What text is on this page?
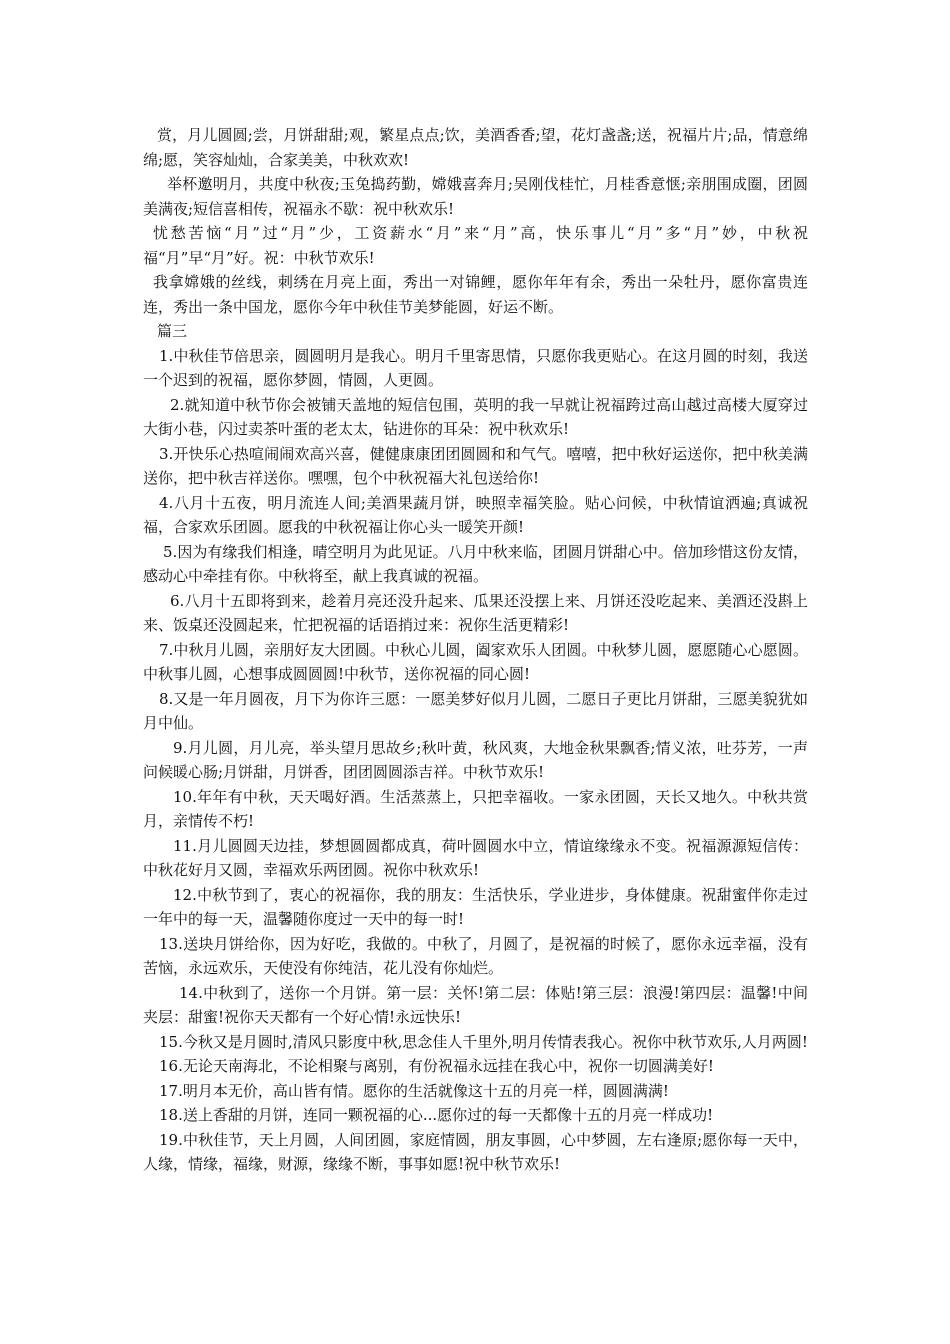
赏，月儿圆圆;尝，月饼甜甜;观，繁星点点;饮，美酒香香;望，花灯盏盏;送，祝福片片;品，情意绵绵;愿，笑容灿灿，合家美美，中秋欢欢!

举杯邀明月，共度中秋夜;玉兔捣药勤，嫦娥喜奔月;吴刚伐桂忙，月桂香意惬;亲朋围成圈，团圆美满夜;短信喜相传，祝福永不歇：祝中秋欢乐!

忧愁苦恼“月”过“月”少，工资薪水“月”来“月”高，快乐事儿“月”多“月”妙，中秋祝福“月”早“月”好。祝：中秋节欢乐!

我拿嫦娥的丝线，刺绣在月亮上面，秀出一对锦鲤，愿你年年有余，秀出一朵牡丹，愿你富贵连连，秀出一条中国龙，愿你今年中秋佳节美梦能圆，好运不断。

篇三

1.中秋佳节倍思亲，圆圆明月是我心。明月千里寄思情，只愿你我更贴心。在这月圆的时刻，我送一个迟到的祝福，愿你梦圆，情圆，人更圆。

2.就知道中秋节你会被铺天盖地的短信包围，英明的我一早就让祝福跨过高山越过高楼大厦穿过大街小巷，闪过卖茶叶蛋的老太太，钻进你的耳朵：祝中秋欢乐!

3.开快乐心热喧闹闹欢高兴喜，健健康康团团圆圆和和气气。嘻嘻，把中秋好运送你，把中秋美满送你，把中秋吉祥送你。嘿嘿，包个中秋祝福大礼包送给你!

4.八月十五夜，明月流连人间;美酒果蔬月饼，映照幸福笑脸。贴心问候，中秋情谊洒遍;真诚祝福，合家欢乐团圆。愿我的中秋祝福让你心头一暖笑开颜!

5.因为有缘我们相逢，晴空明月为此见证。八月中秋来临，团圆月饼甜心中。倍加珍惜这份友情，感动心中牵挂有你。中秋将至，献上我真诚的祝福。

6.八月十五即将到来，趁着月亮还没升起来、瓜果还没摆上来、月饼还没吃起来、美酒还没斟上来、饭桌还没圆起来，忙把祝福的话语捎过来：祝你生活更精彩!

7.中秋月儿圆，亲朋好友大团圆。中秋心儿圆，阖家欢乐人团圆。中秋梦儿圆，愿愿随心心愿圆。中秋事儿圆，心想事成圆圆圆!中秋节，送你祝福的同心圆!

8.又是一年月圆夜，月下为你许三愿：一愿美梦好似月儿圆，二愿日子更比月饼甜，三愿美貌犹如月中仙。

9.月儿圆，月儿亮，举头望月思故乡;秋叶黄，秋风爽，大地金秋果飘香;情义浓，吐芬芳，一声问候暖心肠;月饼甜，月饼香，团团圆圆添吉祥。中秋节欢乐!

10.年年有中秋，天天喝好酒。生活蒸蒸上，只把幸福收。一家永团圆，天长又地久。中秋共赏月，亲情传不朽!

11.月儿圆圆天边挂，梦想圆圆都成真，荷叶圆圆水中立，情谊缘缘永不变。祝福源源短信传：中秋花好月又圆，幸福欢乐两团圆。祝你中秋欢乐!

12.中秋节到了，衷心的祝福你，我的朋友：生活快乐，学业进步，身体健康。祝甜蜜伴你走过一年中的每一天，温馨随你度过一天中的每一时!

13.送块月饼给你，因为好吃，我做的。中秋了，月圆了，是祝福的时候了，愿你永远幸福，没有苦恼，永远欢乐，天使没有你纯洁，花儿没有你灿烂。

14.中秋到了，送你一个月饼。第一层：关怀!第二层：体贴!第三层：浪漫!第四层：温馨!中间夹层：甜蜜!祝你天天都有一个好心情!永远快乐!

15.今秋又是月圆时,清风只影度中秋,思念佳人千里外,明月传情表我心。祝你中秋节欢乐,人月两圆!

16.无论天南海北，不论相聚与离别，有份祝福永远挂在我心中，祝你一切圆满美好!

17.明月本无价，高山皆有情。愿你的生活就像这十五的月亮一样，圆圆满满!

18.送上香甜的月饼，连同一颗祝福的心...愿你过的每一天都像十五的月亮一样成功!

19.中秋佳节，天上月圆，人间团圆，家庭情圆，朋友事圆，心中梦圆，左右逢原;愿你每一天中，人缘，情缘，福缘，财源，缘缘不断，事事如愿!祝中秋节欢乐!
